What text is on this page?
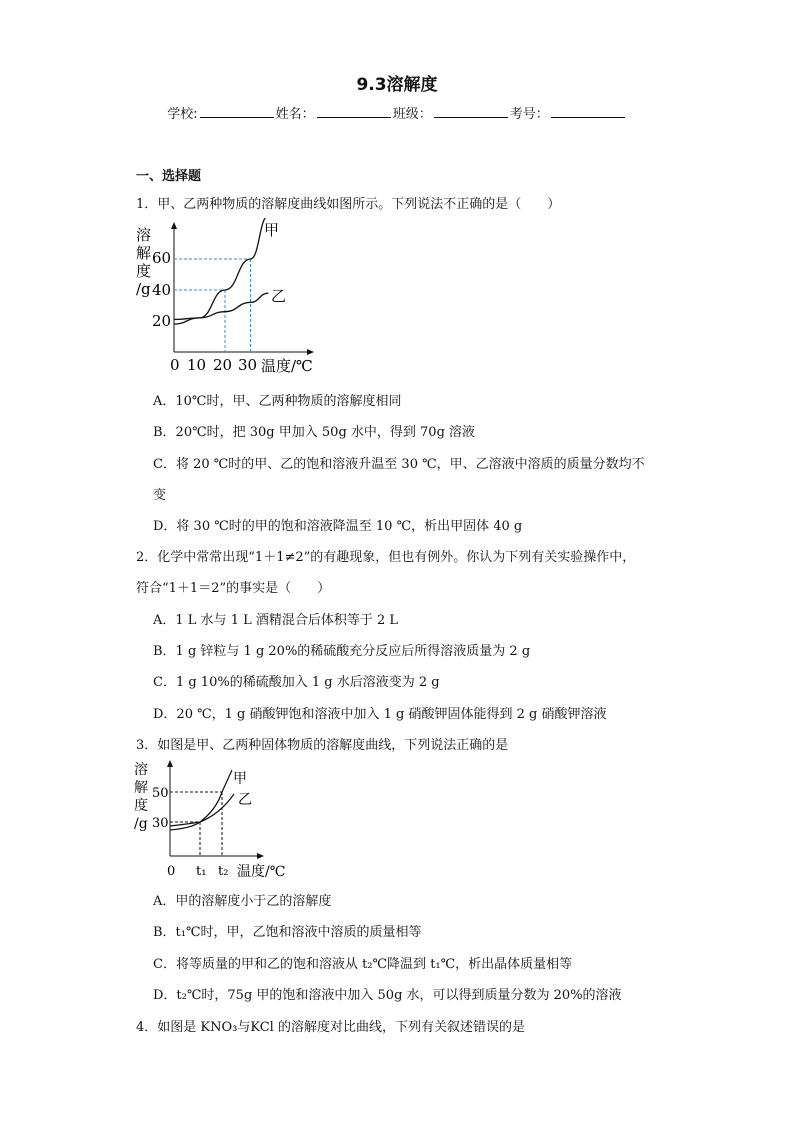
9.3溶解度
学校:	姓名：	班级：	考号：
一、选择题
1．甲、乙两种物质的溶解度曲线如图所示。下列说法不正确的是（　　）
溶
解
度
/g
60
40
20
0 10 20 30 温度/℃
甲
乙
A．10℃时，甲、乙两种物质的溶解度相同
B．20℃时，把 30g 甲加入 50g 水中，得到 70g 溶液
C．将 20 ℃时的甲、乙的饱和溶液升温至 30 ℃，甲、乙溶液中溶质的质量分数均不
变
D．将 30 ℃时的甲的饱和溶液降温至 10 ℃，析出甲固体 40 g
2．化学中常常出现“1＋1≠2”的有趣现象，但也有例外。你认为下列有关实验操作中，
符合“1＋1＝2”的事实是（　　）
A．1 L 水与 1 L 酒精混合后体积等于 2 L
B．1 g 锌粒与 1 g 20%的稀硫酸充分反应后所得溶液质量为 2 g
C．1 g 10%的稀硫酸加入 1 g 水后溶液变为 2 g
D．20 ℃，1 g 硝酸钾饱和溶液中加入 1 g 硝酸钾固体能得到 2 g 硝酸钾溶液
3．如图是甲、乙两种固体物质的溶解度曲线，下列说法正确的是
溶
解
度
/g
50
30
0 t₁ t₂ 温度/℃
甲
乙
A．甲的溶解度小于乙的溶解度
B．t₁℃时，甲，乙饱和溶液中溶质的质量相等
C．将等质量的甲和乙的饱和溶液从 t₂℃降温到 t₁℃，析出晶体质量相等
D．t₂℃时，75g 甲的饱和溶液中加入 50g 水，可以得到质量分数为 20%的溶液
4．如图是 KNO₃与KCl 的溶解度对比曲线，下列有关叙述错误的是
